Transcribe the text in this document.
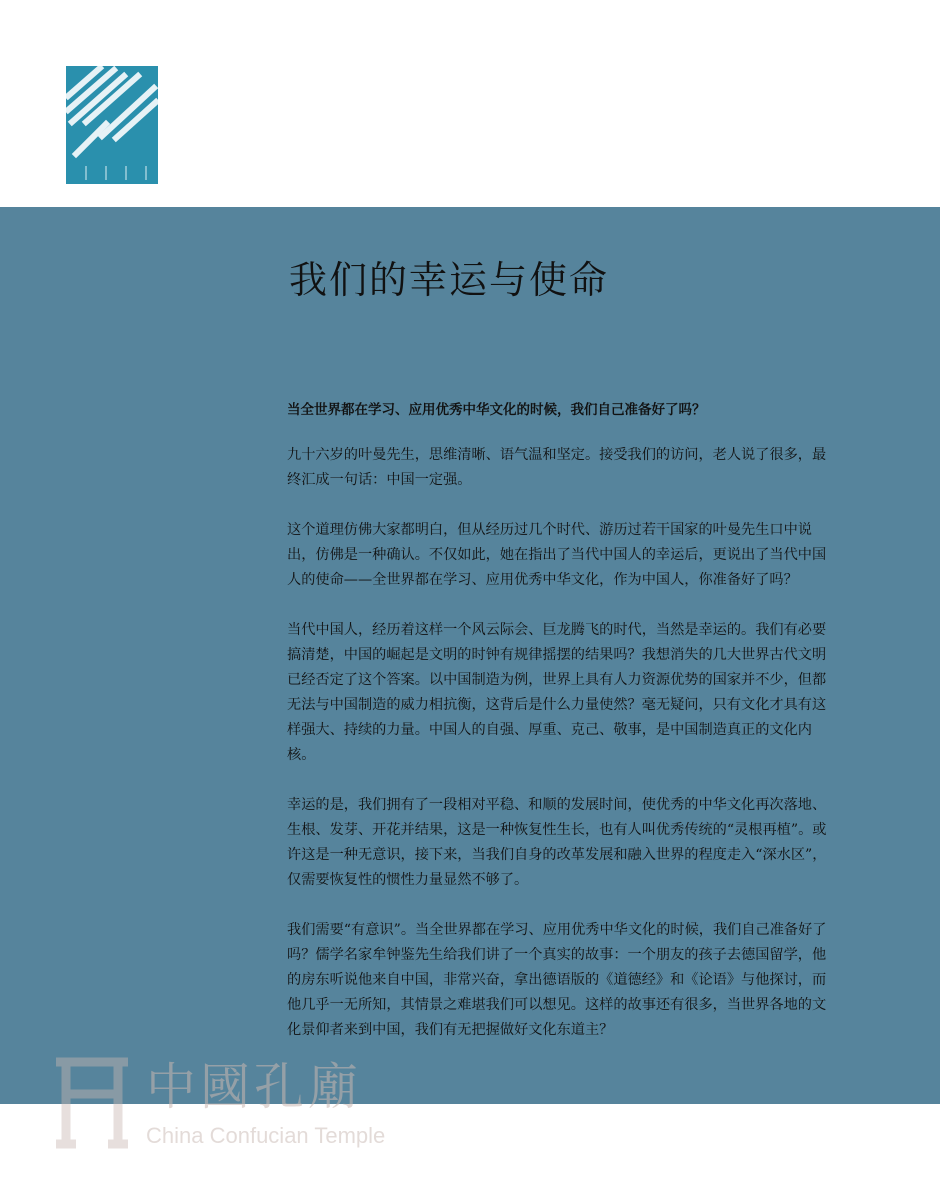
我们的幸运与使命

当全世界都在学习、应用优秀中华文化的时候，我们自己准备好了吗？

九十六岁的叶曼先生，思维清晰、语气温和坚定。接受我们的访问，老人说了很多，最终汇成一句话：中国一定强。

这个道理仿佛大家都明白，但从经历过几个时代、游历过若干国家的叶曼先生口中说出，仿佛是一种确认。不仅如此，她在指出了当代中国人的幸运后，更说出了当代中国人的使命——全世界都在学习、应用优秀中华文化，作为中国人，你准备好了吗？

当代中国人，经历着这样一个风云际会、巨龙腾飞的时代，当然是幸运的。我们有必要搞清楚，中国的崛起是文明的时钟有规律摇摆的结果吗？我想消失的几大世界古代文明已经否定了这个答案。以中国制造为例，世界上具有人力资源优势的国家并不少，但都无法与中国制造的威力相抗衡，这背后是什么力量使然？毫无疑问，只有文化才具有这样强大、持续的力量。中国人的自强、厚重、克己、敬事，是中国制造真正的文化内核。

幸运的是，我们拥有了一段相对平稳、和顺的发展时间，使优秀的中华文化再次落地、生根、发芽、开花并结果，这是一种恢复性生长，也有人叫优秀传统的“灵根再植”。或许这是一种无意识，接下来，当我们自身的改革发展和融入世界的程度走入“深水区”，仅需要恢复性的惯性力量显然不够了。

我们需要“有意识”。当全世界都在学习、应用优秀中华文化的时候，我们自己准备好了吗？儒学名家牟钟鉴先生给我们讲了一个真实的故事：一个朋友的孩子去德国留学，他的房东听说他来自中国，非常兴奋，拿出德语版的《道德经》和《论语》与他探讨，而他几乎一无所知，其情景之难堪我们可以想见。这样的故事还有很多，当世界各地的文化景仰者来到中国，我们有无把握做好文化东道主？

中國孔廟
China Confucian Temple
